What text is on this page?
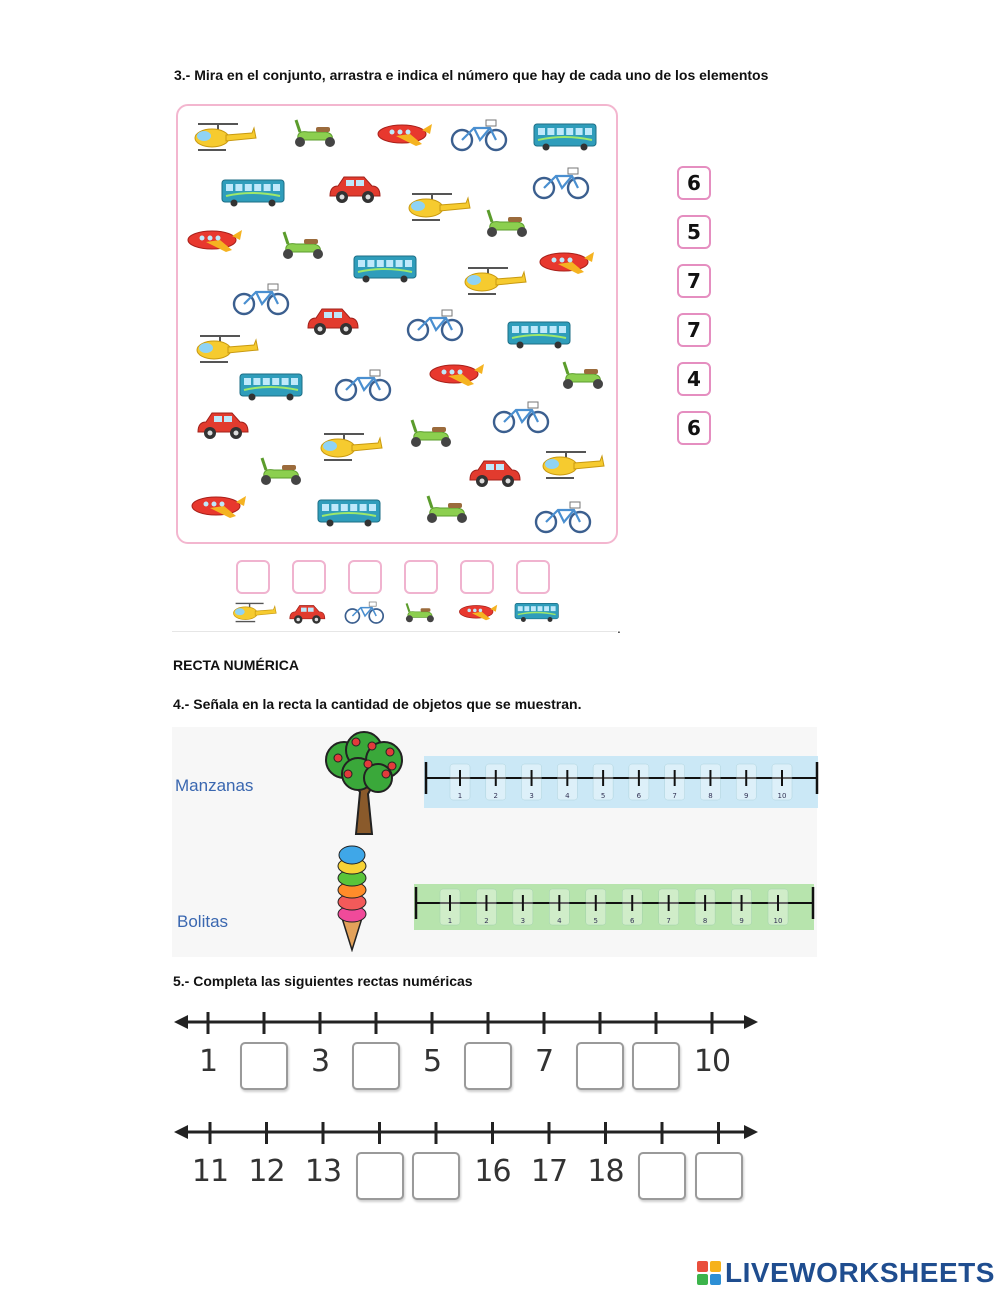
3.- Mira en el conjunto, arrastra e indica el número que hay de cada uno de los elementos
6
5
7
7
4
6
.
RECTA NUMÉRICA
4.- Señala en la recta la cantidad de objetos que se muestran.
Manzanas
Bolitas
1	2	3	4	5	6	7	8	9	10
1	2	3	4	5	6	7	8	9	10
5.- Completa las siguientes rectas numéricas
1	3	5	7	10
11 12 13	16 17 18
LIVEWORKSHEETS
